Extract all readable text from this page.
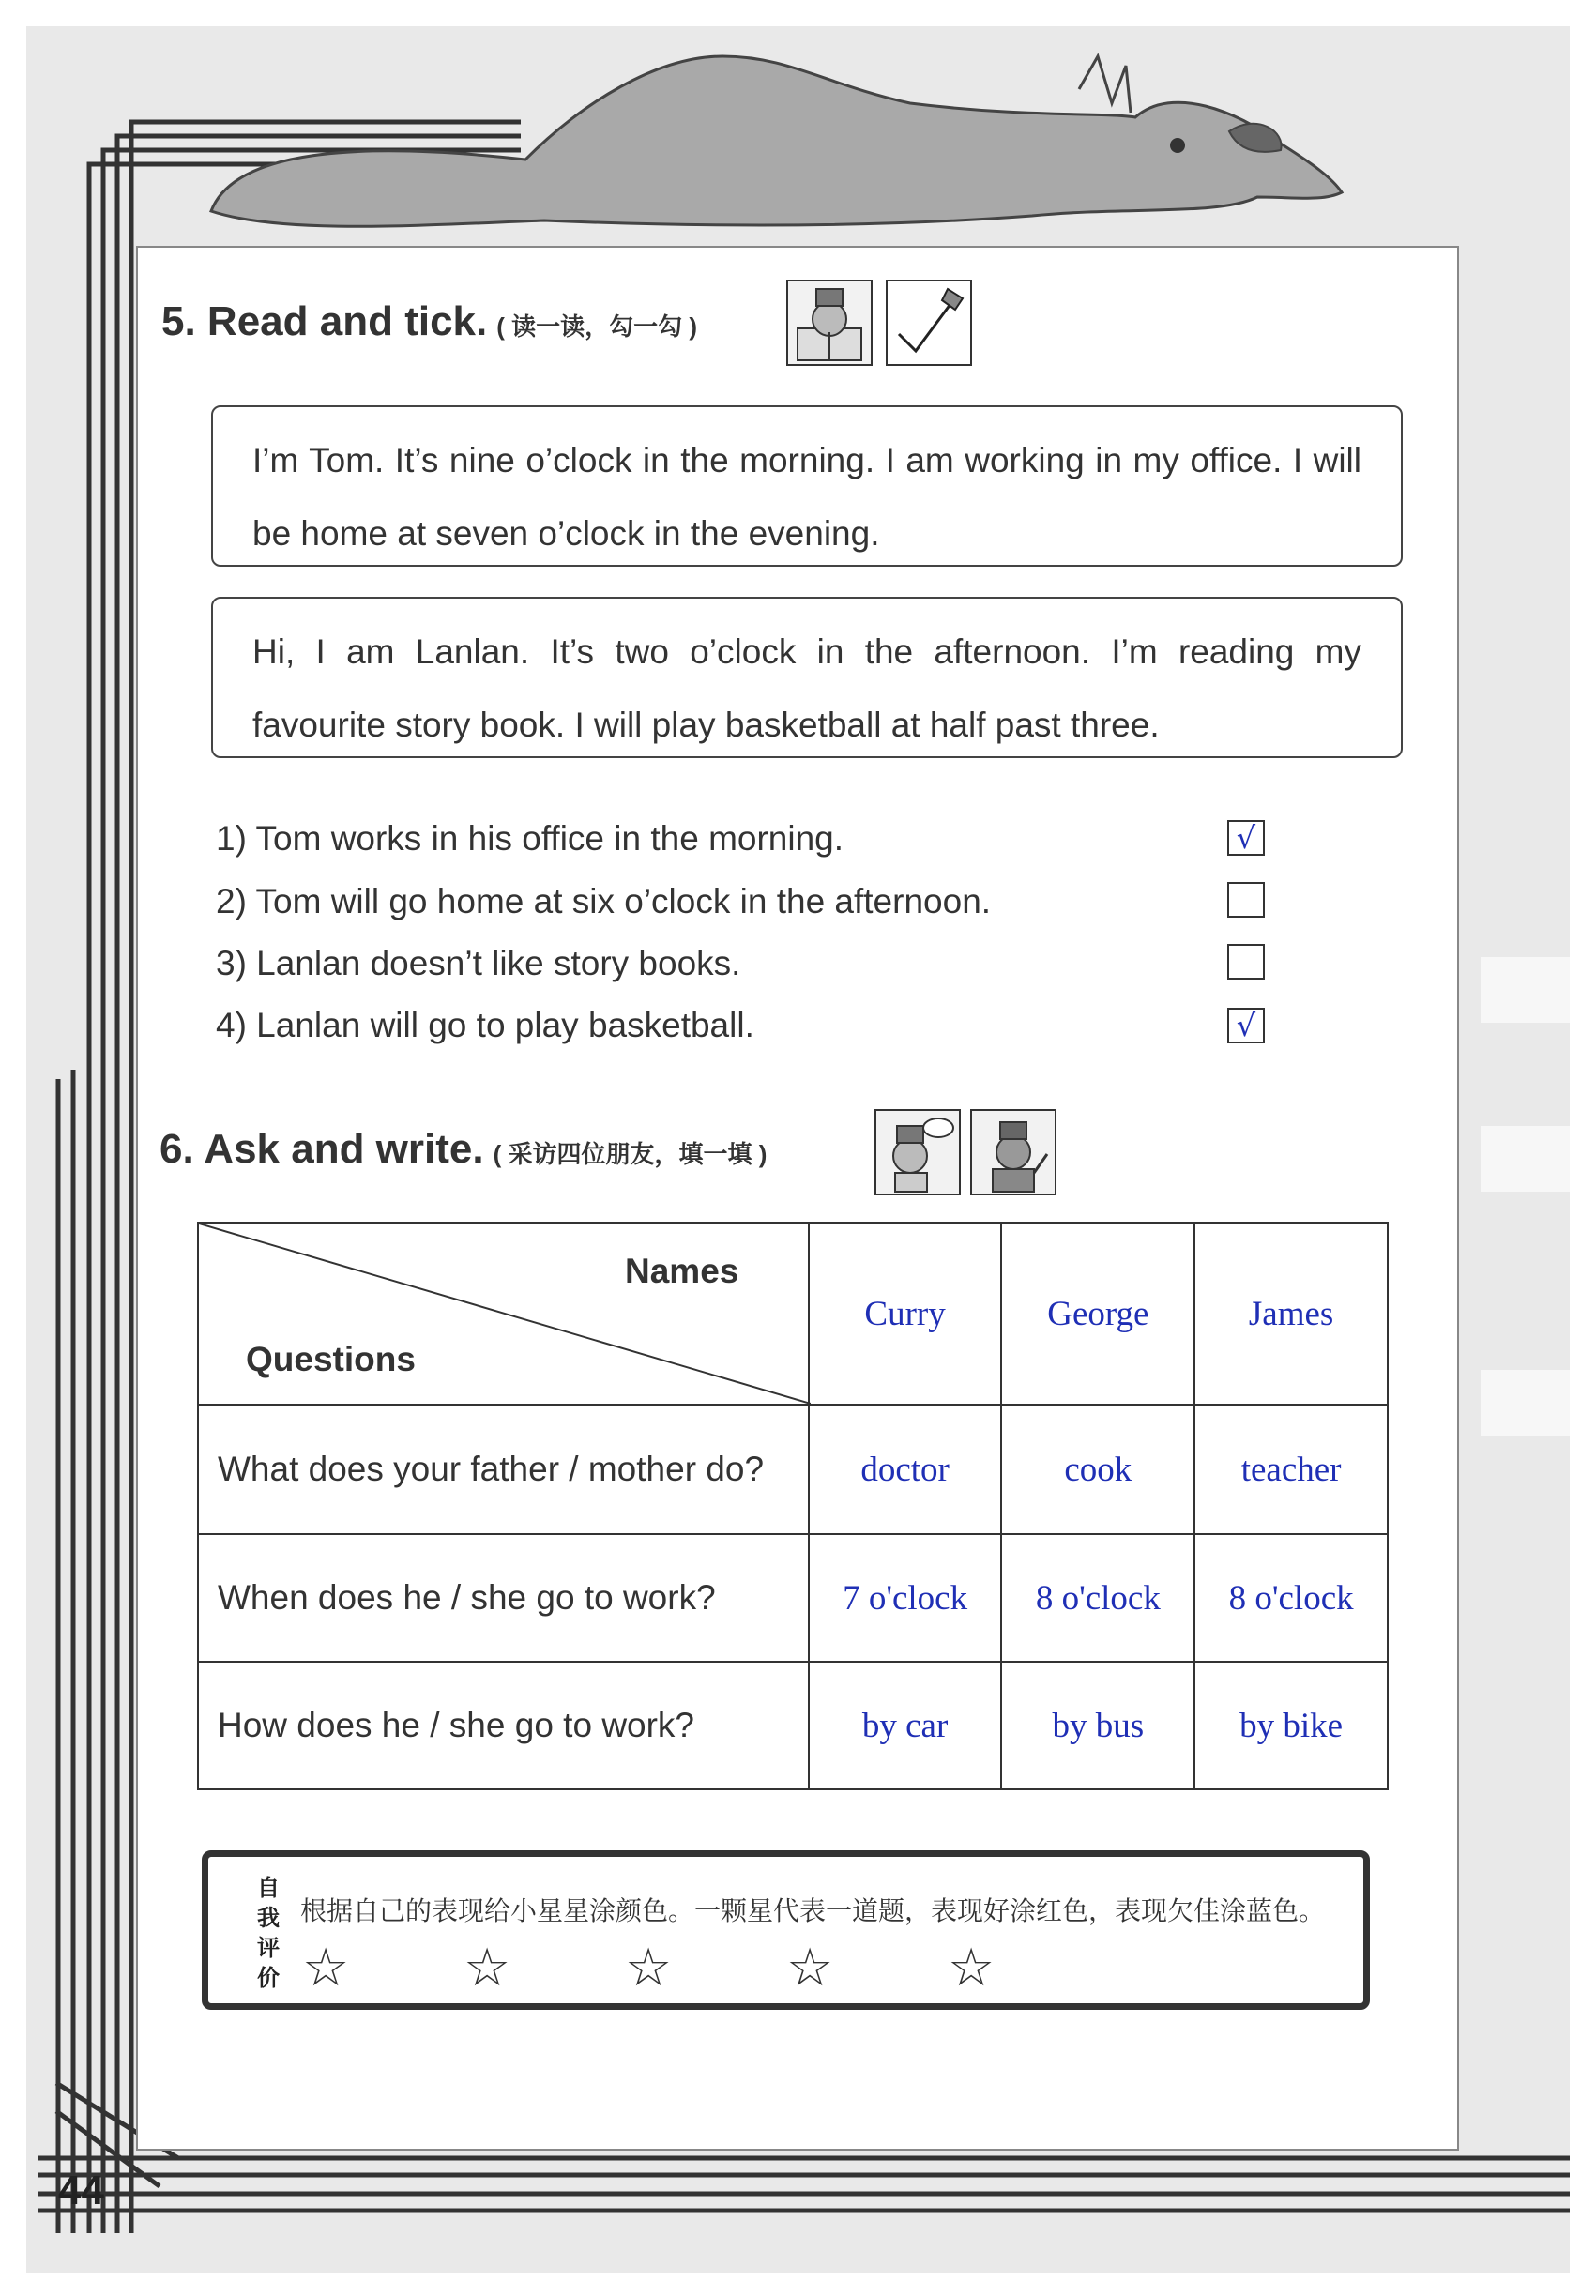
5. Read and tick. ( 读一读，勾一勾 )
I’m Tom. It’s nine o’clock in the morning. I am working in my office. I will be home at seven o’clock in the evening.
Hi, I am Lanlan. It’s two o’clock in the afternoon. I’m reading my favourite story book. I will play basketball at half past three.
1) Tom works in his office in the morning.	√
2) Tom will go home at six o’clock in the afternoon.
3) Lanlan doesn’t like story books.
4) Lanlan will go to play basketball.	√
6. Ask and write. ( 采访四位朋友，填一填 )
Names
Questions	Curry	George	James
What does your father / mother do?	doctor	cook	teacher
When does he / she go to work?	7 o'clock	8 o'clock	8 o'clock
How does he / she go to work?	by car	by bus	by bike
自
我
评
价
根据自己的表现给小星星涂颜色。一颗星代表一道题，表现好涂红色，表现欠佳涂蓝色。
☆ ☆ ☆ ☆ ☆
44
